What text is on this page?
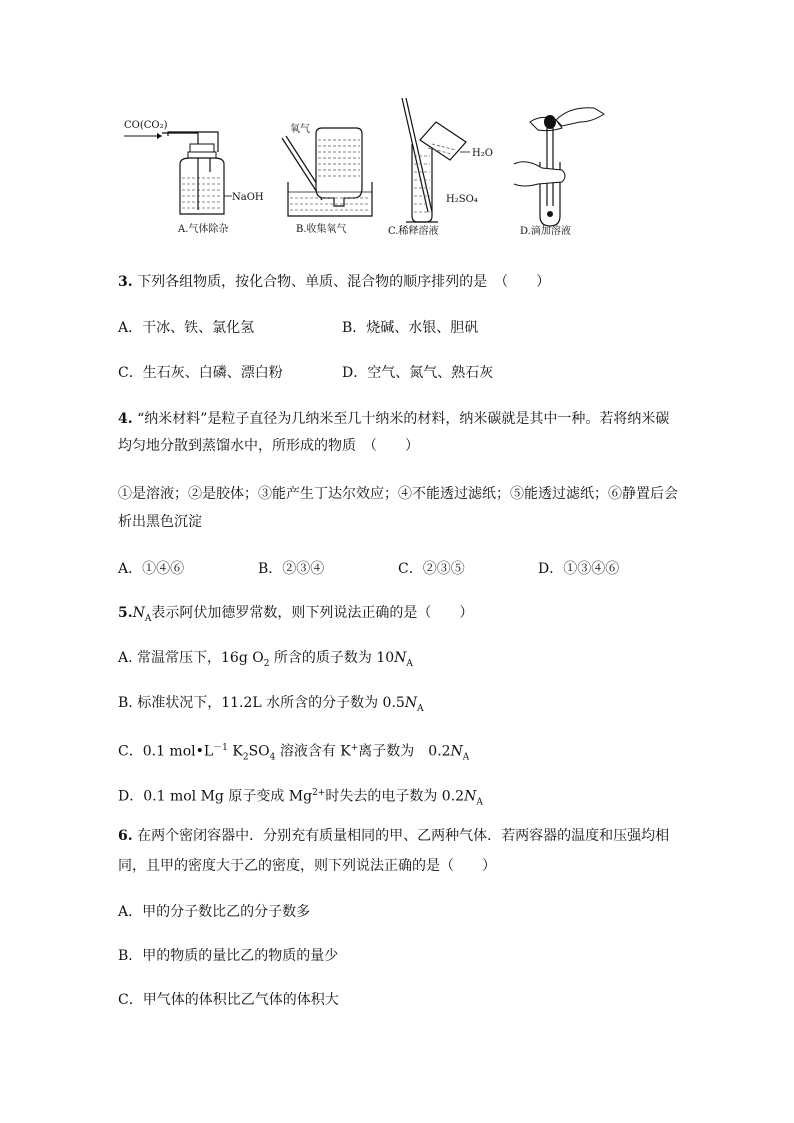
CO(CO₂)
NaOH
A.气体除杂
氧气
B.收集氧气
H₂O
H₂SO₄
C.稀释溶液	D.滴加溶液
3. 下列各组物质，按化合物、单质、混合物的顺序排列的是　（　　）
A．干冰、铁、氯化氢	B．烧碱、水银、胆矾
C．生石灰、白磷、漂白粉	D．空气、氮气、熟石灰
4. “纳米材料”是粒子直径为几纳米至几十纳米的材料，纳米碳就是其中一种。若将纳米碳
均匀地分散到蒸馏水中，所形成的物质　（　　）
①是溶液；②是胶体；③能产生丁达尔效应；④不能透过滤纸；⑤能透过滤纸；⑥静置后会
析出黑色沉淀
A．①④⑥	B．②③④	C．②③⑤	D．①③④⑥
$5.N_A$表示阿伏加德罗常数，则下列说法正确的是（　　）
A. 常温常压下，16g $O_2$ 所含的质子数为 $10N_A$
B. 标准状况下，11.2L 水所含的分子数为 $0.5N_A$
C．0.1 $mol•L^{-1}$ $K_2SO_4$ 溶液含有 K+离子数为　$0.2N_A$
D．0.1 mol Mg 原子变成 $Mg^{2+}$时失去的电子数为 $0.2N_A$
6. 在两个密闭容器中．分别充有质量相同的甲、乙两种气体．若两容器的温度和压强均相
同，且甲的密度大于乙的密度，则下列说法正确的是（　　）
A．甲的分子数比乙的分子数多
B．甲的物质的量比乙的物质的量少
C．甲气体的体积比乙气体的体积大
